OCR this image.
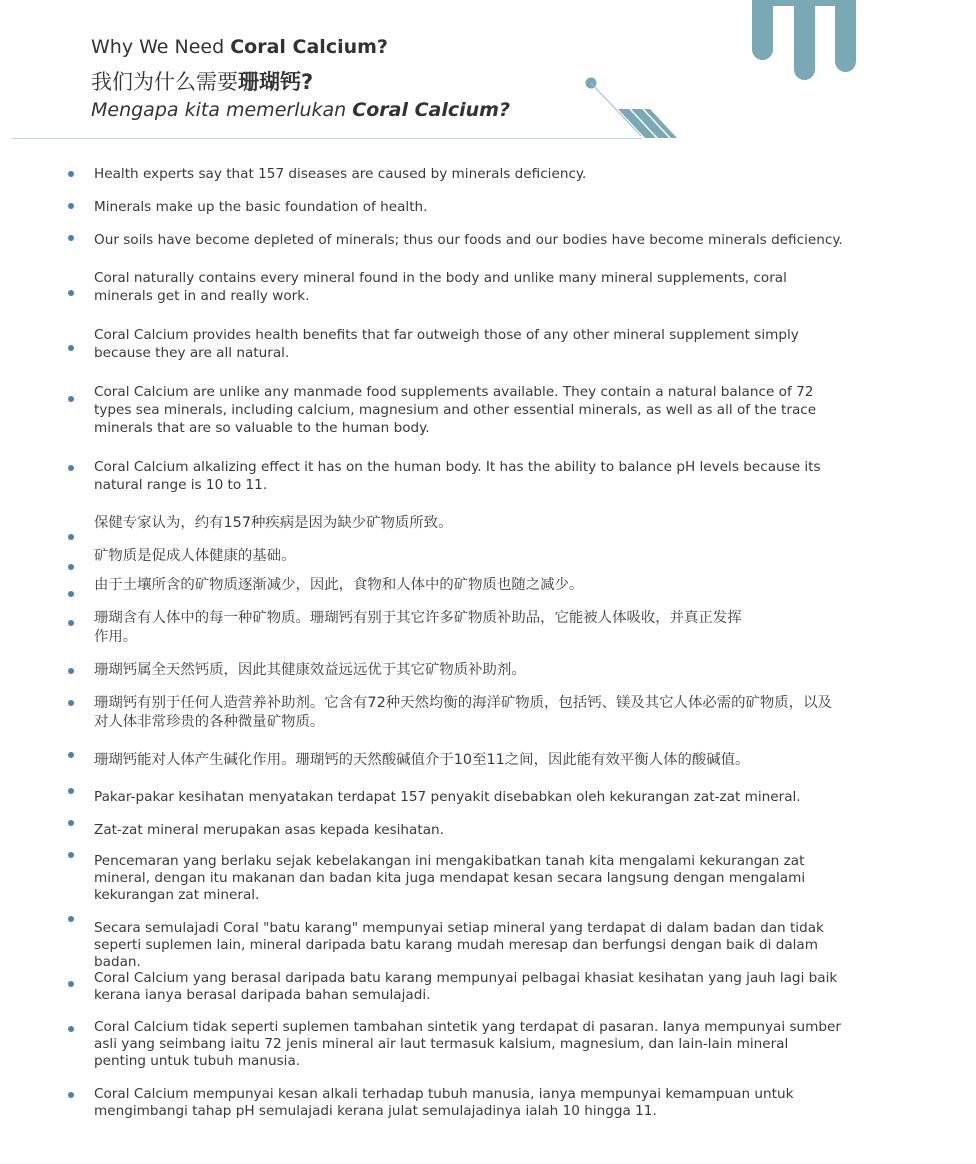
Why We Need Coral Calcium?
我们为什么需要珊瑚钙?
Mengapa kita memerlukan Coral Calcium?
Health experts say that 157 diseases are caused by minerals deficiency.
Minerals make up the basic foundation of health.
Our soils have become depleted of minerals; thus our foods and our bodies have become minerals deficiency.
Coral naturally contains every mineral found in the body and unlike many mineral supplements, coral minerals get in and really work.
Coral Calcium provides health benefits that far outweigh those of any other mineral supplement simply because they are all natural.
Coral Calcium are unlike any manmade food supplements available. They contain a natural balance of 72 types sea minerals, including calcium, magnesium and other essential minerals, as well as all of the trace minerals that are so valuable to the human body.
Coral Calcium alkalizing effect it has on the human body. It has the ability to balance pH levels because its natural range is 10 to 11.
保健专家认为，约有157种疾病是因为缺少矿物质所致。
矿物质是促成人体健康的基础。
由于土壤所含的矿物质逐渐减少，因此，食物和人体中的矿物质也随之减少。
珊瑚含有人体中的每一种矿物质。珊瑚钙有别于其它许多矿物质补助品，它能被人体吸收，并真正发挥作用。
珊瑚钙属全天然钙质，因此其健康效益远远优于其它矿物质补助剂。
珊瑚钙有别于任何人造营养补助剂。它含有72种天然均衡的海洋矿物质，包括钙、镁及其它人体必需的矿物质，以及对人体非常珍贵的各种微量矿物质。
珊瑚钙能对人体产生碱化作用。珊瑚钙的天然酸碱值介于10至11之间，因此能有效平衡人体的酸碱值。
Pakar-pakar kesihatan menyatakan terdapat 157 penyakit disebabkan oleh kekurangan zat-zat mineral.
Zat-zat mineral merupakan asas kepada kesihatan.
Pencemaran yang berlaku sejak kebelakangan ini mengakibatkan tanah kita mengalami kekurangan zat mineral, dengan itu makanan dan badan kita juga mendapat kesan secara langsung dengan mengalami kekurangan zat mineral.
Secara semulajadi Coral "batu karang" mempunyai setiap mineral yang terdapat di dalam badan dan tidak seperti suplemen lain, mineral daripada batu karang mudah meresap dan berfungsi dengan baik di dalam badan.
Coral Calcium yang berasal daripada batu karang mempunyai pelbagai khasiat kesihatan yang jauh lagi baik kerana ianya berasal daripada bahan semulajadi.
Coral Calcium tidak seperti suplemen tambahan sintetik yang terdapat di pasaran. Ianya mempunyai sumber asli yang seimbang iaitu 72 jenis mineral air laut termasuk kalsium, magnesium, dan lain-lain mineral penting untuk tubuh manusia.
Coral Calcium mempunyai kesan alkali terhadap tubuh manusia, ianya mempunyai kemampuan untuk mengimbangi tahap pH semulajadi kerana julat semulajadinya ialah 10 hingga 11.
